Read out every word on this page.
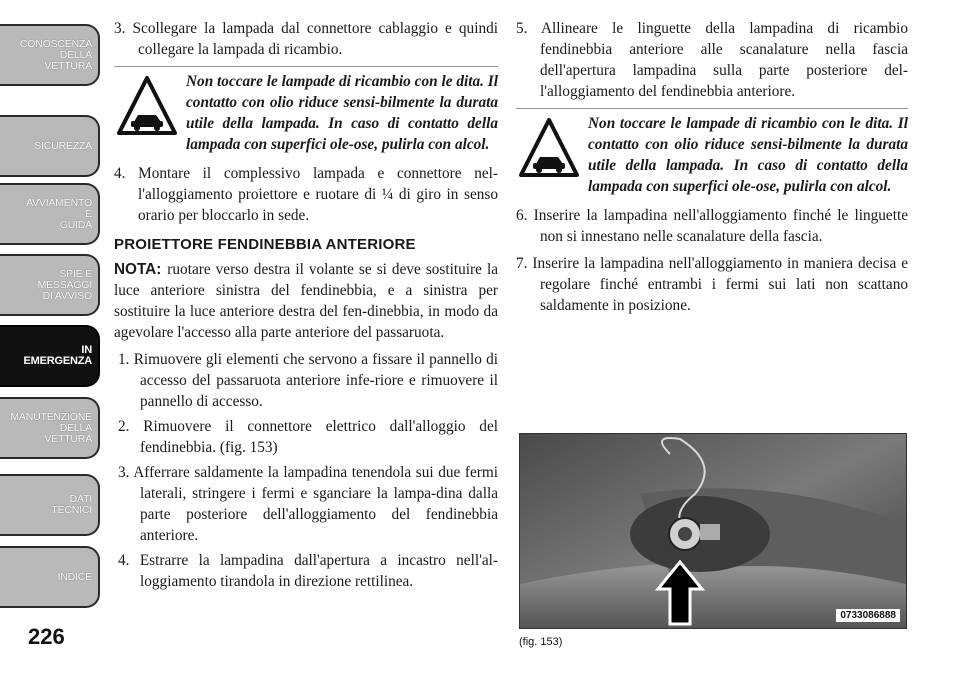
CONOSCENZA
DELLA
VETTURA
SICUREZZA
AVVIAMENTO
E
GUIDA
SPIE E
MESSAGGI
DI AVVISO
IN
EMERGENZA
MANUTENZIONE
DELLA
VETTURA
DATI
TECNICI
INDICE
226

3. Scollegare la lampada dal connettore cablaggio e quindi collegare la lampada di ricambio.

Non toccare le lampade di ricambio con le dita. Il contatto con olio riduce sensi-bilmente la durata utile della lampada. In caso di contatto della lampada con superfici ole-ose, pulirla con alcol.

4. Montare il complessivo lampada e connettore nel-l'alloggiamento proiettore e ruotare di ¼ di giro in senso orario per bloccarlo in sede.

PROIETTORE FENDINEBBIA ANTERIORE

NOTA: ruotare verso destra il volante se si deve sostituire la luce anteriore sinistra del fendinebbia, e a sinistra per sostituire la luce anteriore destra del fen-dinebbia, in modo da agevolare l'accesso alla parte anteriore del passaruota.

1. Rimuovere gli elementi che servono a fissare il pannello di accesso del passaruota anteriore infe-riore e rimuovere il pannello di accesso.

2. Rimuovere il connettore elettrico dall'alloggio del fendinebbia. (fig. 153)

3. Afferrare saldamente la lampadina tenendola sui due fermi laterali, stringere i fermi e sganciare la lampa-dina dalla parte posteriore dell'alloggiamento del fendinebbia anteriore.

4. Estrarre la lampadina dall'apertura a incastro nell'al-loggiamento tirandola in direzione rettilinea.

5. Allineare le linguette della lampadina di ricambio fendinebbia anteriore alle scanalature nella fascia dell'apertura lampadina sulla parte posteriore del-l'alloggiamento del fendinebbia anteriore.

Non toccare le lampade di ricambio con le dita. Il contatto con olio riduce sensi-bilmente la durata utile della lampada. In caso di contatto della lampada con superfici ole-ose, pulirla con alcol.

6. Inserire la lampadina nell'alloggiamento finché le linguette non si innestano nelle scanalature della fascia.

7. Inserire la lampadina nell'alloggiamento in maniera decisa e regolare finché entrambi i fermi sui lati non scattano saldamente in posizione.

0733086888
(fig. 153)
